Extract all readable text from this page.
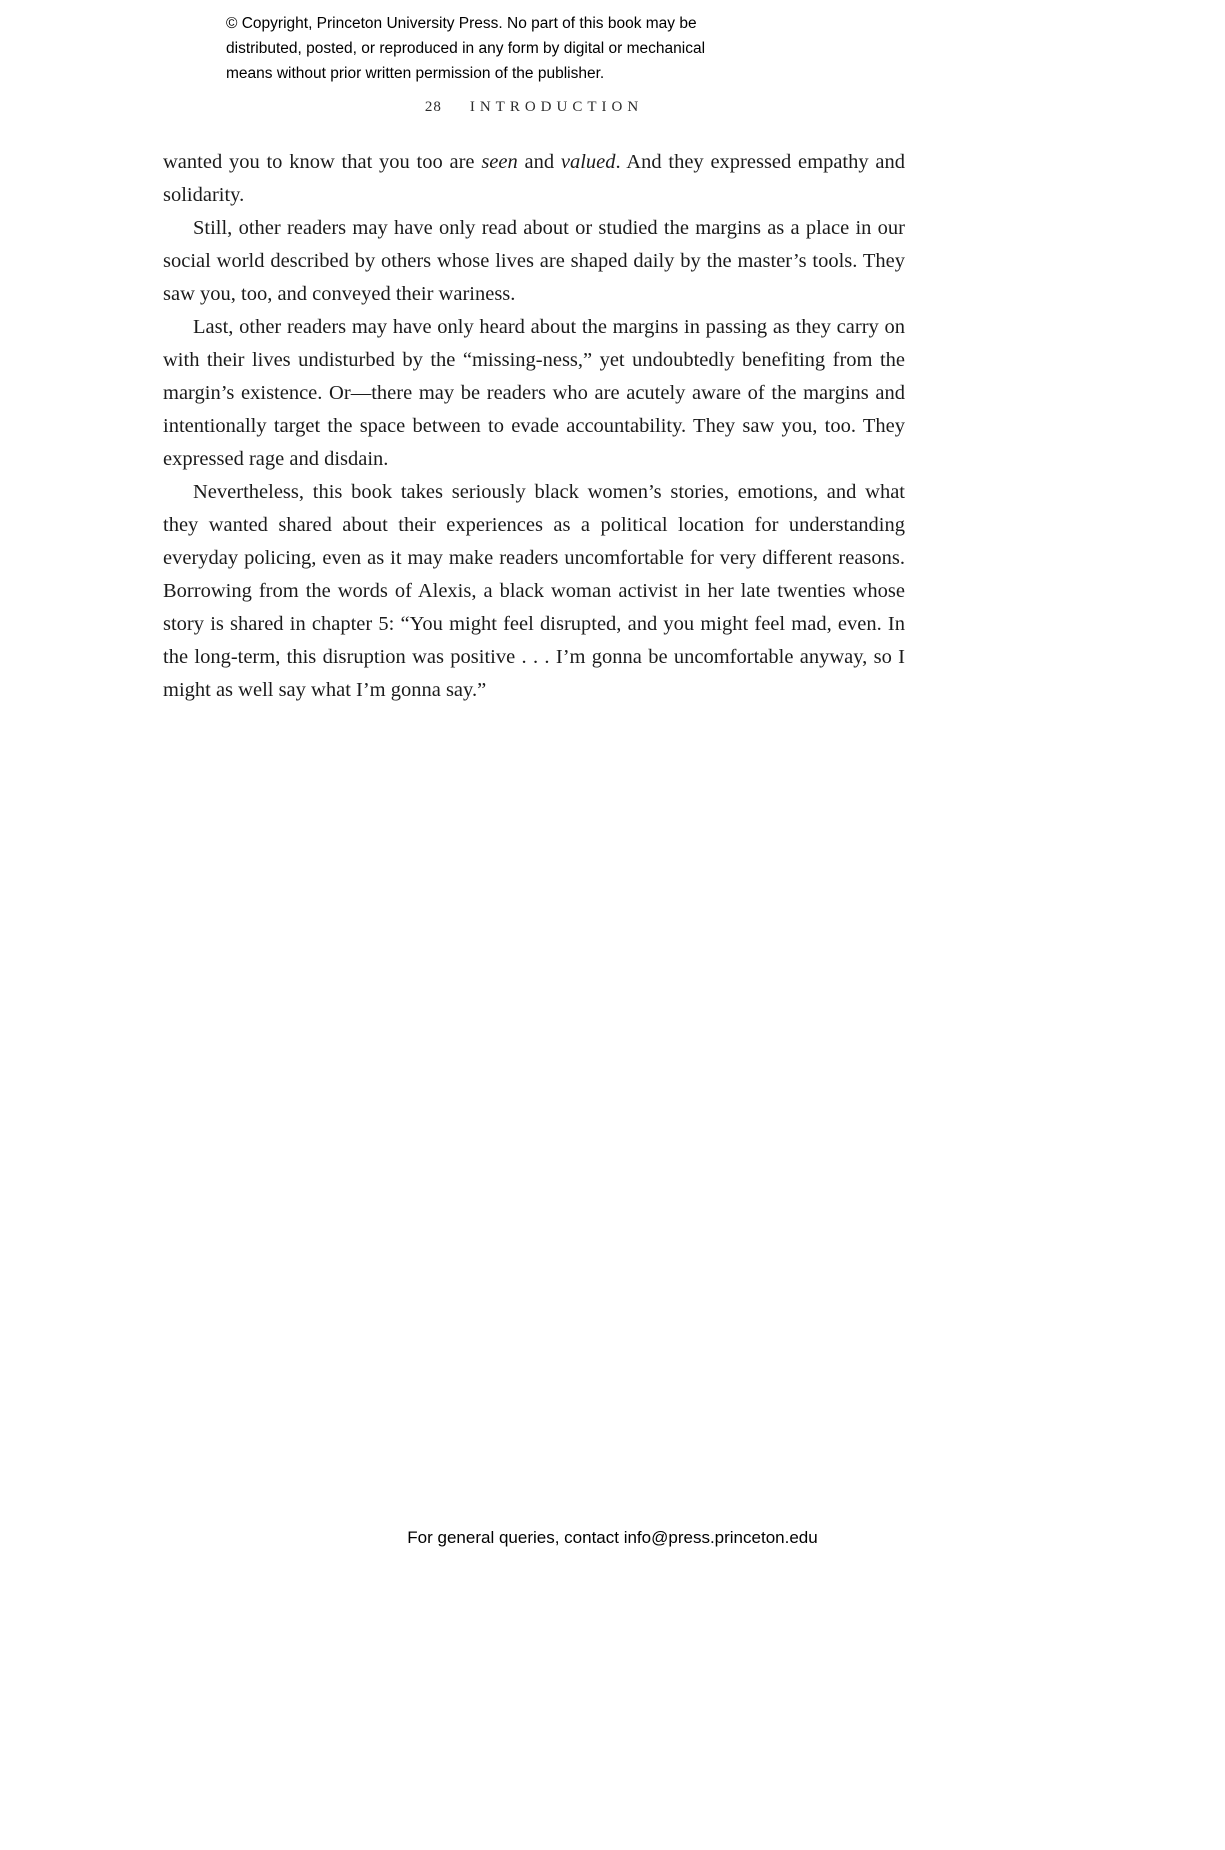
© Copyright, Princeton University Press. No part of this book may be
distributed, posted, or reproduced in any form by digital or mechanical
means without prior written permission of the publisher.
28 INTRODUCTION

wanted you to know that you too are seen and valued. And they expressed empathy and solidarity.

Still, other readers may have only read about or studied the margins as a place in our social world described by others whose lives are shaped daily by the master’s tools. They saw you, too, and conveyed their wariness.

Last, other readers may have only heard about the margins in passing as they carry on with their lives undisturbed by the “missing-ness,” yet undoubtedly benefiting from the margin’s existence. Or—there may be readers who are acutely aware of the margins and intentionally target the space between to evade accountability. They saw you, too. They expressed rage and disdain.

Nevertheless, this book takes seriously black women’s stories, emotions, and what they wanted shared about their experiences as a political location for understanding everyday policing, even as it may make readers uncomfortable for very different reasons. Borrowing from the words of Alexis, a black woman activist in her late twenties whose story is shared in chapter 5: “You might feel disrupted, and you might feel mad, even. In the long-term, this disruption was positive . . . I’m gonna be uncomfortable anyway, so I might as well say what I’m gonna say.”

For general queries, contact info@press.princeton.edu
